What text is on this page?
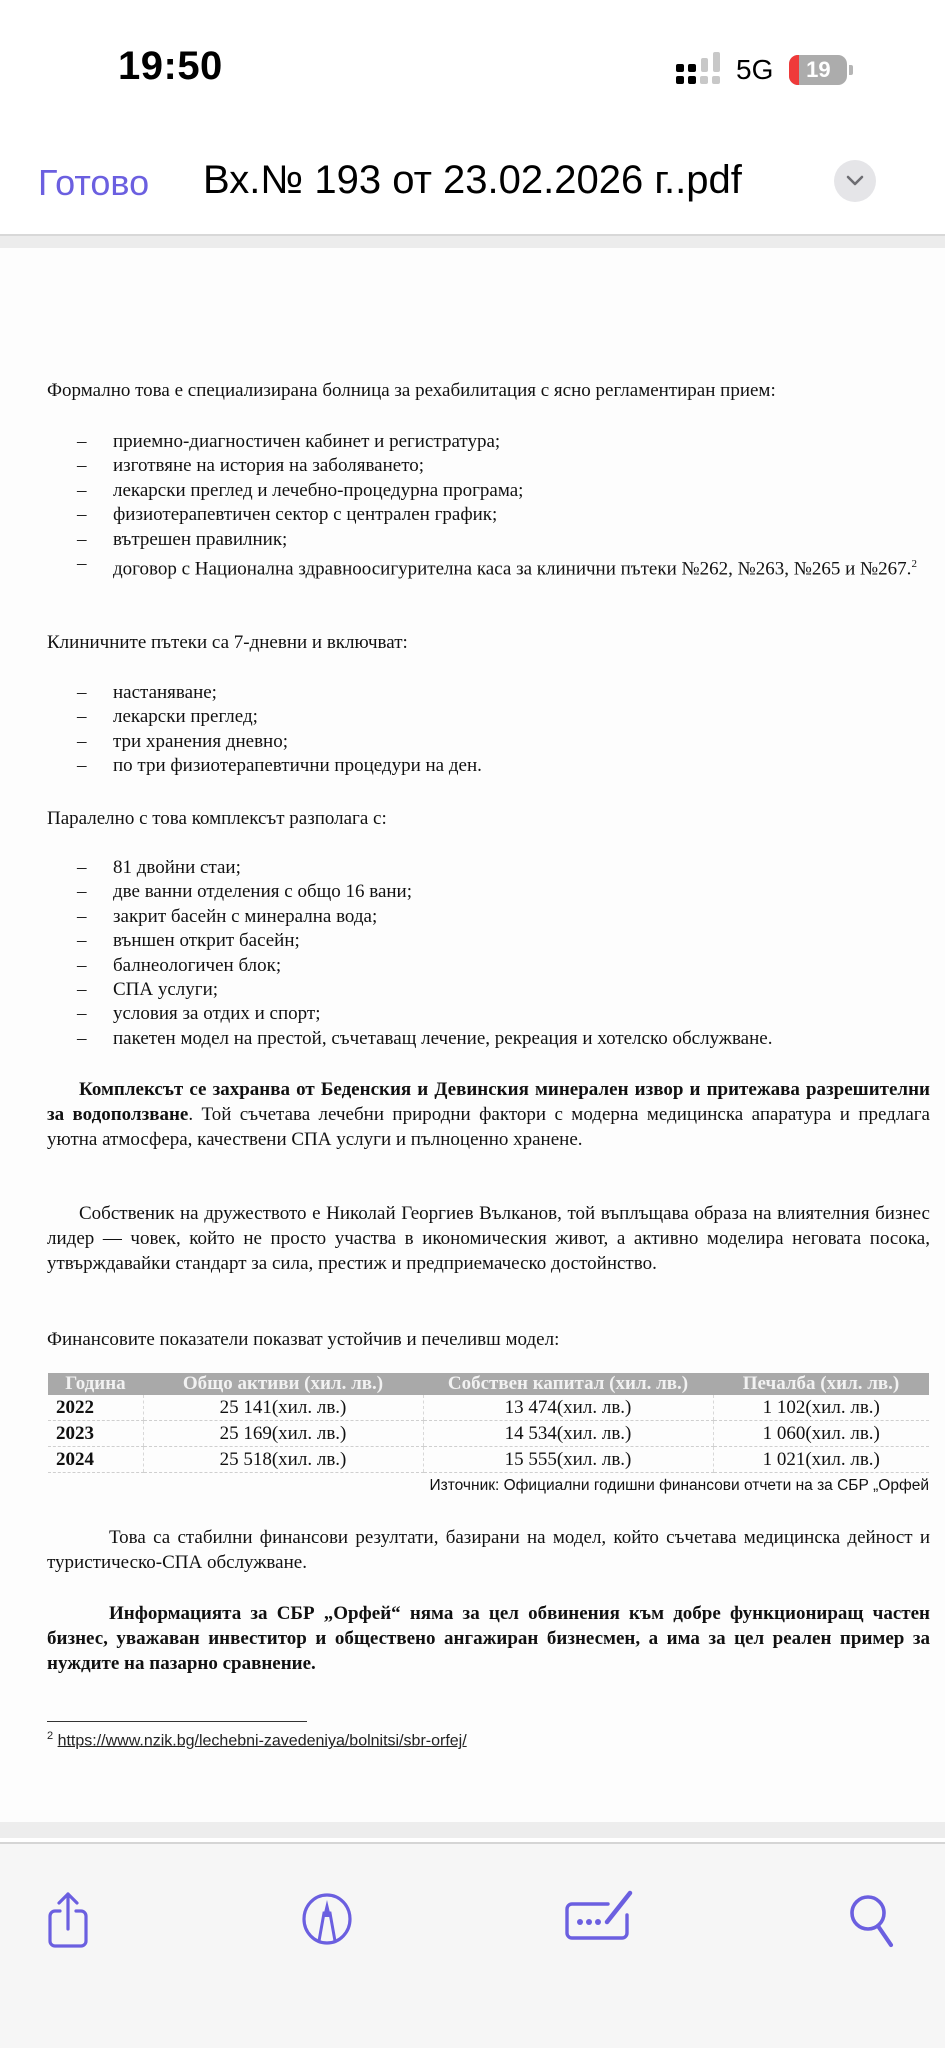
19:50	5G	19
Готово Вх.№ 193 от 23.02.2026 г..pdf
Формално това е специализирана болница за рехабилитация с ясно регламентиран прием:
– приемно-диагностичен кабинет и регистратура;
– изготвяне на история на заболяването;
– лекарски преглед и лечебно-процедурна програма;
– физиотерапевтичен сектор с централен график;
– вътрешен правилник;
– договор с Национална здравноосигурителна каса за клинични пътеки №262, №263, №265 и №267.$^2$
Клиничните пътеки са 7-дневни и включват:
– настаняване;
– лекарски преглед;
– три хранения дневно;
– по три физиотерапевтични процедури на ден.
Паралелно с това комплексът разполага с:
– 81 двойни стаи;
– две ванни отделения с общо 16 вани;
– закрит басейн с минерална вода;
– външен открит басейн;
– балнеологичен блок;
– СПА услуги;
– условия за отдих и спорт;
– пакетен модел на престой, съчетаващ лечение, рекреация и хотелско обслужване.
Комплексът се захранва от Беденския и Девинския минерален извор и притежава разрешителни за водоползване. Той съчетава лечебни природни фактори с модерна медицинска апаратура и предлага уютна атмосфера, качествени СПА услуги и пълноценно хранене.
Собственик на дружеството е Николай Георгиев Вълканов, той въплъщава образа на влиятелния бизнес лидер — човек, който не просто участва в икономическия живот, а активно моделира неговата посока, утвърждавайки стандарт за сила, престиж и предприемаческо достойнство.
Финансовите показатели показват устойчив и печеливш модел:
Година	Общо активи (хил. лв.)	Собствен капитал (хил. лв.)	Печалба (хил. лв.)
2022	25 141(хил. лв.)	13 474(хил. лв.)	1 102(хил. лв.)
2023	25 169(хил. лв.)	14 534(хил. лв.)	1 060(хил. лв.)
2024	25 518(хил. лв.)	15 555(хил. лв.)	1 021(хил. лв.)
Източник: Официални годишни финансови отчети на за СБР „Орфей
Това са стабилни финансови резултати, базирани на модел, който съчетава медицинска дейност и туристическо-СПА обслужване.
Информацията за СБР „Орфей“ няма за цел обвинения към добре функциониращ частен бизнес, уважаван инвеститор и обществено ангажиран бизнесмен, а има за цел реален пример за нуждите на пазарно сравнение.
$^2$ https://www.nzik.bg/lechebni-zavedeniya/bolnitsi/sbr-orfej/
